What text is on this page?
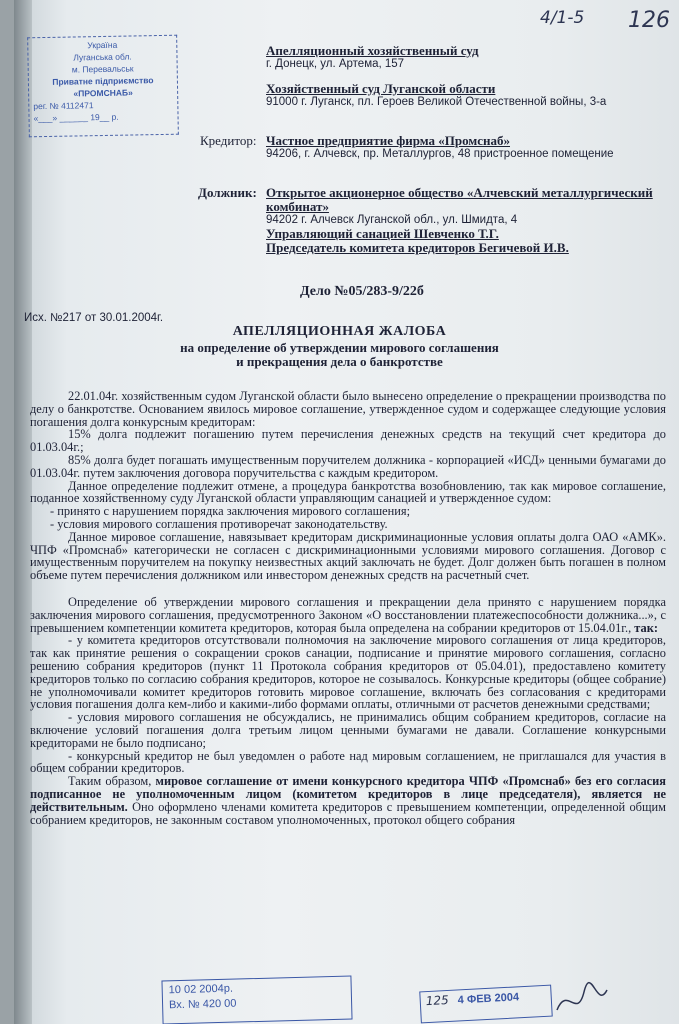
4/1-5 126
Україна
Луганська обл.
м. Перевальськ
Приватне підприємство
«ПРОМСНАБ»
рег. № 4112471
«___» ______ 19__ р.
Апелляционный хозяйственный суд
г. Донецк, ул. Артема, 157
Хозяйственный суд Луганской области
91000 г. Луганск, пл. Героев Великой Отечественной войны, 3-а
Кредитор: Частное предприятие фирма «Промснаб»
94206, г. Алчевск, пр. Металлургов, 48 пристроенное помещение
Должник: Открытое акционерное общество «Алчевский металлургический комбинат»
94202 г. Алчевск Луганской обл., ул. Шмидта, 4
Управляющий санацией Шевченко Т.Г.
Председатель комитета кредиторов Бегичевой И.В.
Дело №05/283-9/22б
Исх. №217 от 30.01.2004г.
АПЕЛЛЯЦИОННАЯ ЖАЛОБА
на определение об утверждении мирового соглашения
и прекращения дела о банкротстве

22.01.04г. хозяйственным судом Луганской области было вынесено определение о прекращении производства по делу о банкротстве. Основанием явилось мировое соглашение, утвержденное судом и содержащее следующие условия погашения долга конкурсным кредиторам:

15% долга подлежит погашению путем перечисления денежных средств на текущий счет кредитора до 01.03.04г.;

85% долга будет погашать имущественным поручителем должника - корпорацией «ИСД» ценными бумагами до 01.03.04г. путем заключения договора поручительства с каждым кредитором.

Данное определение подлежит отмене, а процедура банкротства возобновлению, так как мировое соглашение, поданное хозяйственному суду Луганской области управляющим санацией и утвержденное судом:

- принято с нарушением порядка заключения мирового соглашения;

- условия мирового соглашения противоречат законодательству.

Данное мировое соглашение, навязывает кредиторам дискриминационные условия оплаты долга ОАО «АМК». ЧПФ «Промснаб» категорически не согласен с дискриминационными условиями мирового соглашения. Договор с имущественным поручителем на покупку неизвестных акций заключать не будет. Долг должен быть погашен в полном объеме путем перечисления должником или инвестором денежных средств на расчетный счет.

Определение об утверждении мирового соглашения и прекращении дела принято с нарушением порядка заключения мирового соглашения, предусмотренного Законом «О восстановлении платежеспособности должника...», с превышением компетенции комитета кредиторов, которая была определена на собрании кредиторов от 15.04.01г., так:

- у комитета кредиторов отсутствовали полномочия на заключение мирового соглашения от лица кредиторов, так как принятие решения о сокращении сроков санации, подписание и принятие мирового соглашения, согласно решению собрания кредиторов (пункт 11 Протокола собрания кредиторов от 05.04.01), предоставлено комитету кредиторов только по согласию собрания кредиторов, которое не созывалось. Конкурсные кредиторы (общее собрание) не уполномочивали комитет кредиторов готовить мировое соглашение, включать без согласования с кредиторами условия погашения долга кем-либо и какими-либо формами оплаты, отличными от расчетов денежными средствами;

- условия мирового соглашения не обсуждались, не принимались общим собранием кредиторов, согласие на включение условий погашения долга третьим лицом ценными бумагами не давали. Соглашение конкурсными кредиторами не было подписано;

- конкурсный кредитор не был уведомлен о работе над мировым соглашением, не приглашался для участия в общем собрании кредиторов.

Таким образом, мировое соглашение от имени конкурсного кредитора ЧПФ «Промснаб» без его согласия подписанное не уполномоченным лицом (комитетом кредиторов в лице председателя), является не действительным. Оно оформлено членами комитета кредиторов с превышением компетенции, определенной общим собранием кредиторов, не законным составом уполномоченных, протокол общего собрания

10 02 2004р.
Вх. № 420 00	125 4 ФЕВ 2004
